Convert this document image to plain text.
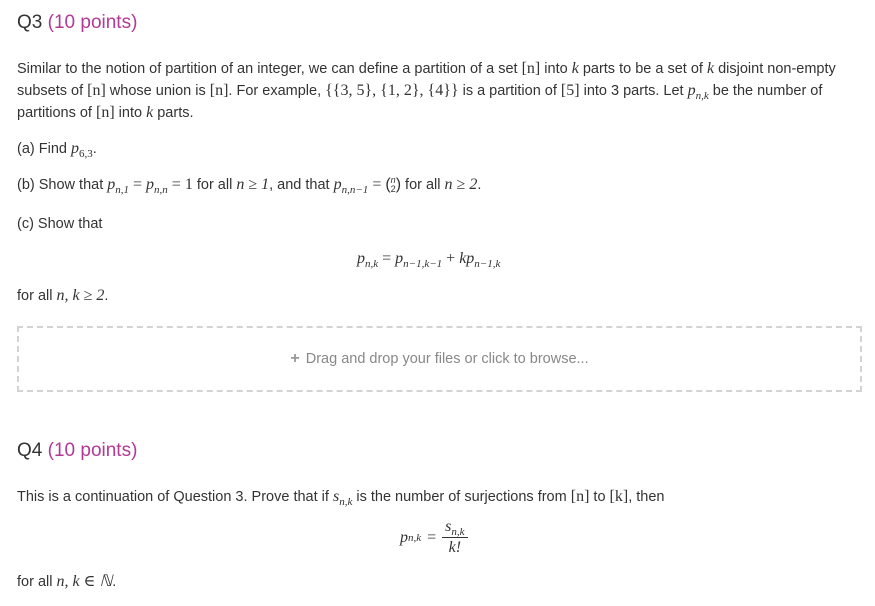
Q3 (10 points)
Similar to the notion of partition of an integer, we can define a partition of a set [n] into k parts to be a set of k disjoint non-empty
subsets of [n] whose union is [n]. For example, {{3, 5}, {1, 2}, {4}} is a partition of [5] into 3 parts. Let $p_{n,k}$ be the number of
partitions of [n] into k parts.
(a) Find $p_{6,3}$.
(b) Show that $p_{n,1} = p_{n,n} = 1$ for all n ≥ 1, and that $p_{n,n-1}$ = ( n
2 ) for all n ≥ 2.
(c) Show that
$p_{n,k} = p_{n-1,k-1} + kp_{n-1,k}$
for all n, k ≥ 2.
+ Drag and drop your files or click to browse...
Q4 (10 points)
This is a continuation of Question 3. Prove that if $s_{n,k}$ is the number of surjections from [n] to [k], then
p $n,k = \frac{s_{n,k}}{k!}$
for all n, k ∈ ℕ.
